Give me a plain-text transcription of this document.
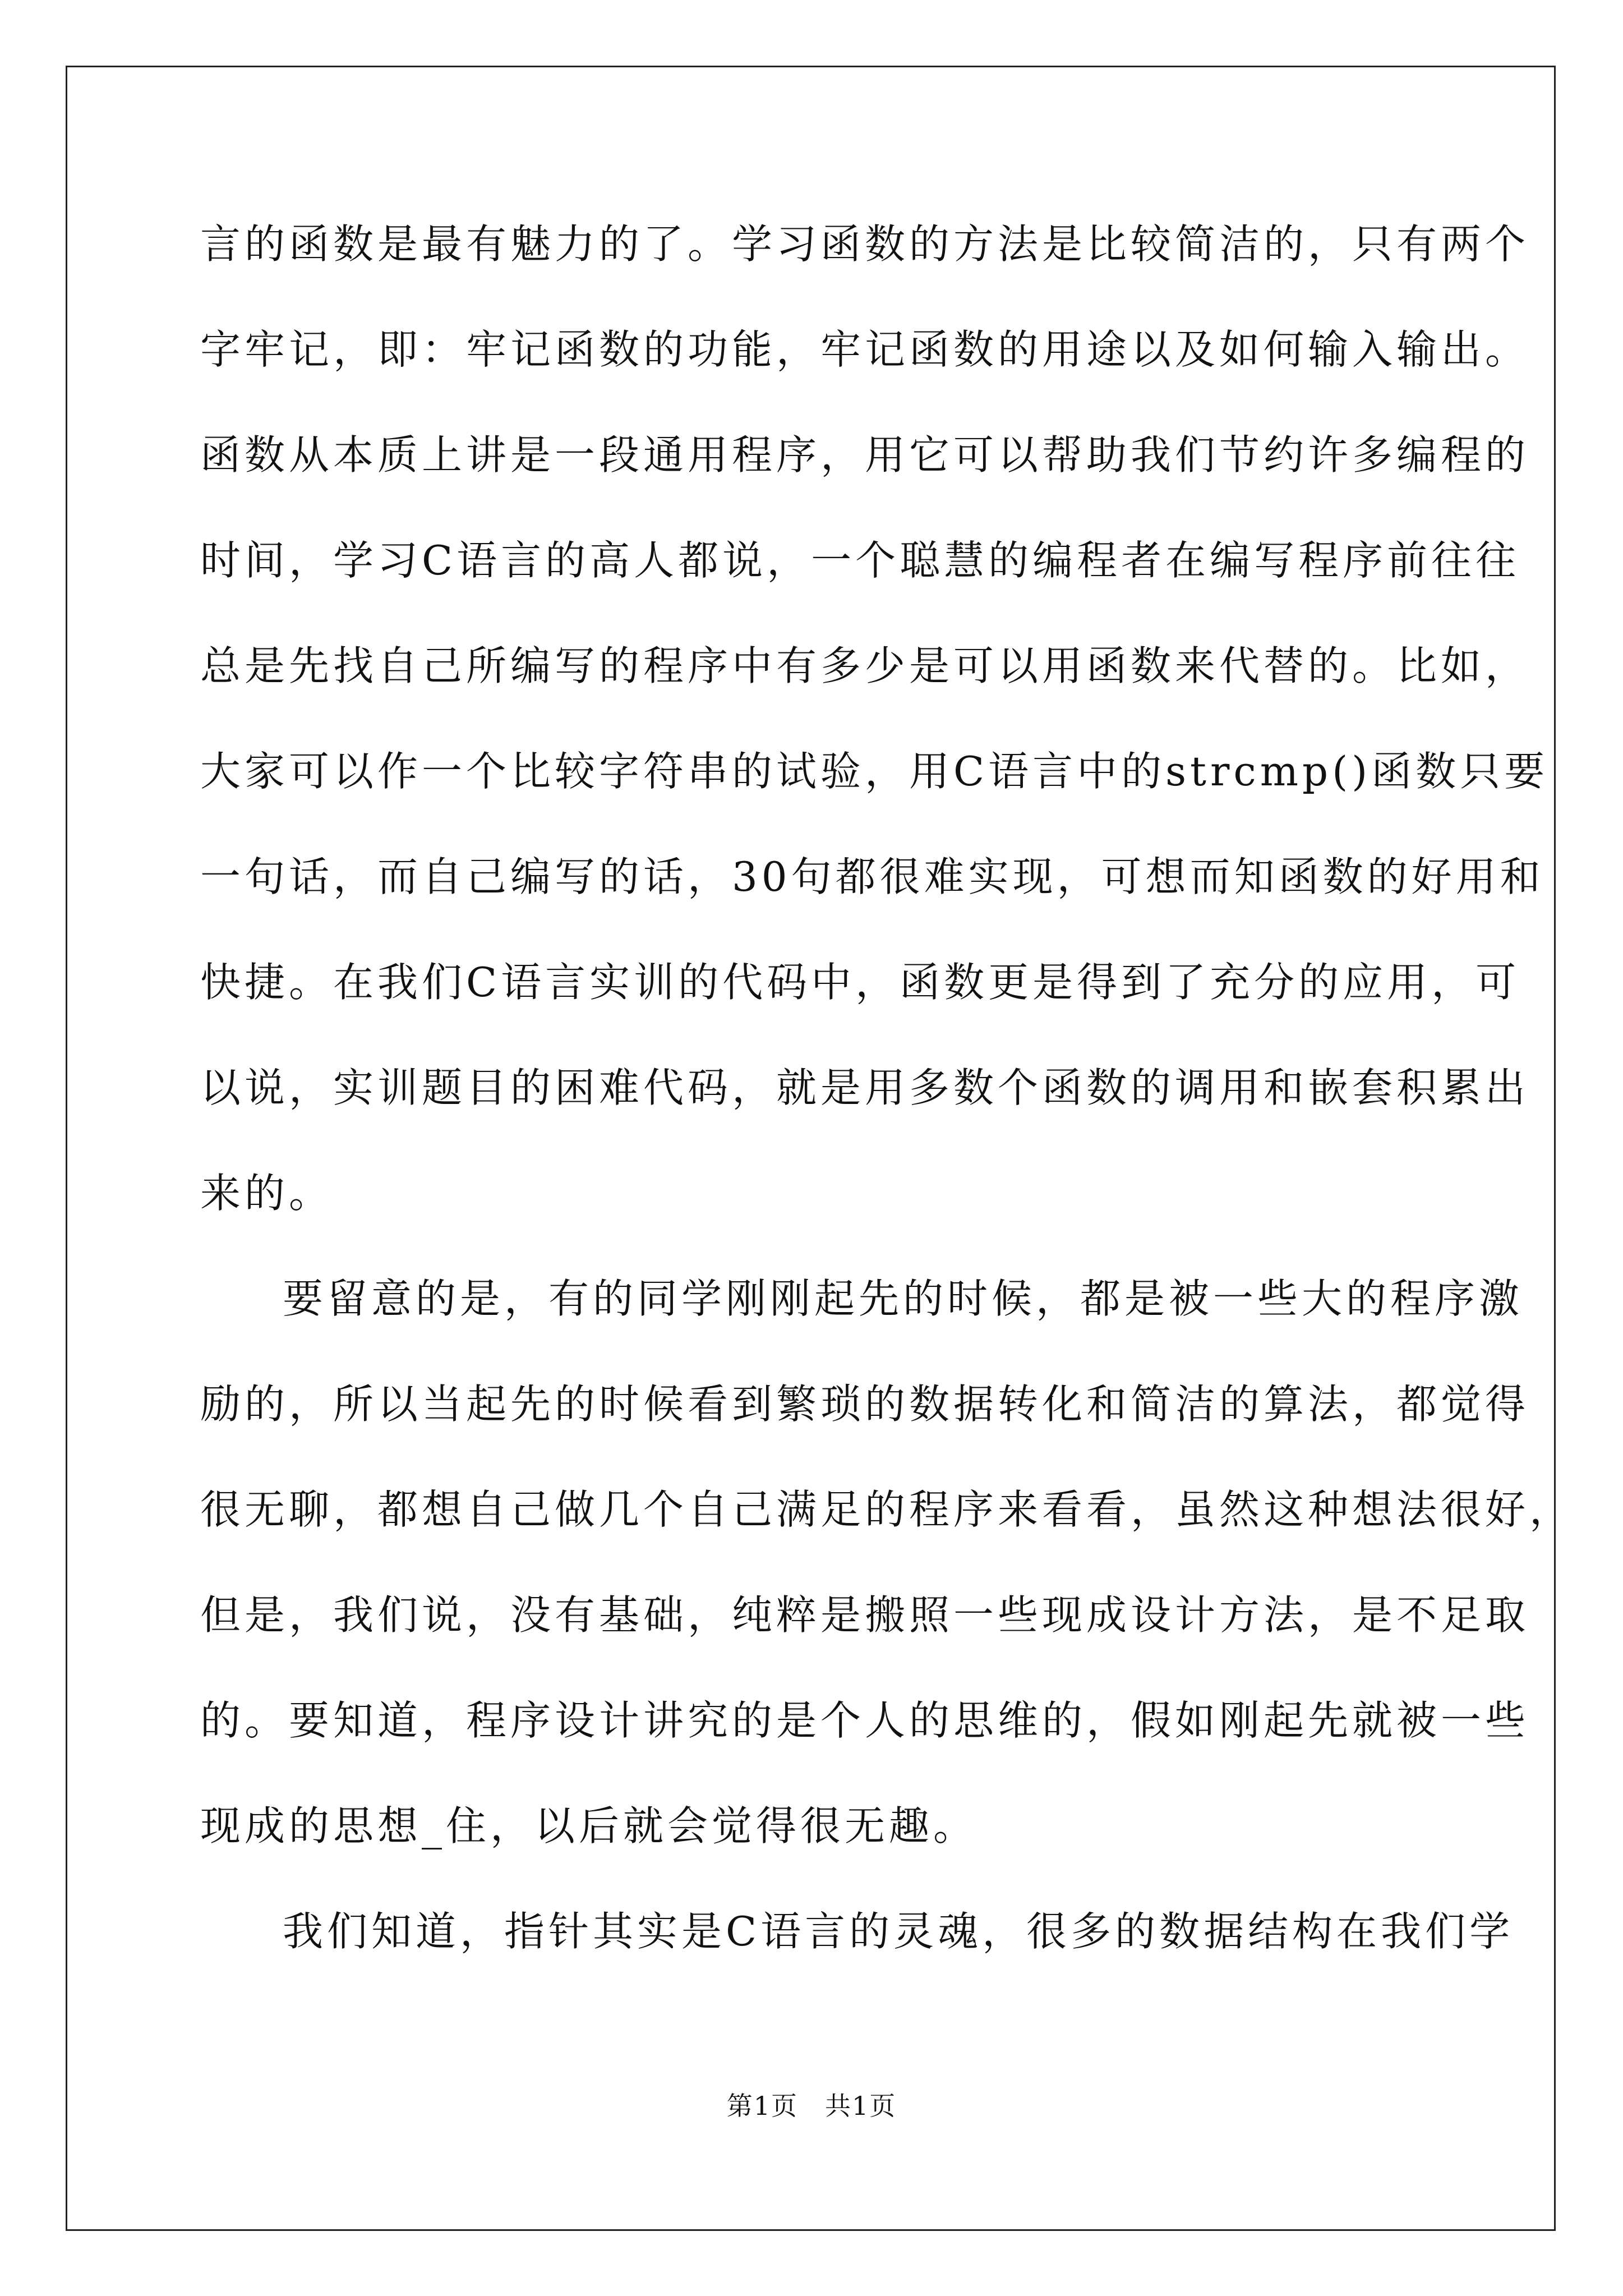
言的函数是最有魅力的了。学习函数的方法是比较简洁的，只有两个
字牢记，即：牢记函数的功能，牢记函数的用途以及如何输入输出。
函数从本质上讲是一段通用程序，用它可以帮助我们节约许多编程的
时间，学习C语言的高人都说，一个聪慧的编程者在编写程序前往往
总是先找自己所编写的程序中有多少是可以用函数来代替的。比如，
大家可以作一个比较字符串的试验，用C语言中的strcmp()函数只要
一句话，而自己编写的话，30句都很难实现，可想而知函数的好用和
快捷。在我们C语言实训的代码中，函数更是得到了充分的应用，可
以说，实训题目的困难代码，就是用多数个函数的调用和嵌套积累出
来的。
要留意的是，有的同学刚刚起先的时候，都是被一些大的程序激
励的，所以当起先的时候看到繁琐的数据转化和简洁的算法，都觉得
很无聊，都想自己做几个自己满足的程序来看看，虽然这种想法很好，
但是，我们说，没有基础，纯粹是搬照一些现成设计方法，是不足取
的。要知道，程序设计讲究的是个人的思维的，假如刚起先就被一些
现成的思想_住，以后就会觉得很无趣。
我们知道，指针其实是C语言的灵魂，很多的数据结构在我们学
第1页　共1页
